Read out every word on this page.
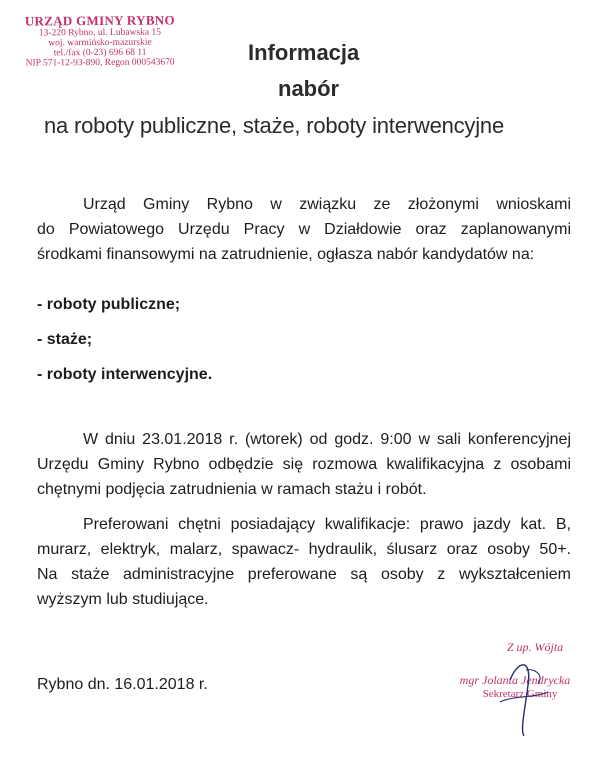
URZĄD GMINY RYBNO
13-220 Rybno, ul. Lubawska 15
woj. warmińsko-mazurskie
tel./fax (0-23) 696 68 11
NIP 571-12-93-890, Regon 000543670	Informacja
nabór
na roboty publiczne, staże, roboty interwencyjne
Urząd Gminy Rybno w związku ze złożonymi wnioskami
do Powiatowego Urzędu Pracy w Działdowie oraz zaplanowanymi
środkami finansowymi na zatrudnienie, ogłasza nabór kandydatów na:
- roboty publiczne;
- staże;
- roboty interwencyjne.
W dniu 23.01.2018 r. (wtorek) od godz. 9:00 w sali konferencyjnej
Urzędu Gminy Rybno odbędzie się rozmowa kwalifikacyjna z osobami
chętnymi podjęcia zatrudnienia w ramach stażu i robót.
Preferowani chętni posiadający kwalifikacje: prawo jazdy kat. B,
murarz, elektryk, malarz, spawacz- hydraulik, ślusarz oraz osoby 50+.
Na staże administracyjne preferowane są osoby z wykształceniem
wyższym lub studiujące.
Rybno dn. 16.01.2018 r.
Z up. Wójta
mgr Jolanta Jendrycka
Sekretarz Gminy
